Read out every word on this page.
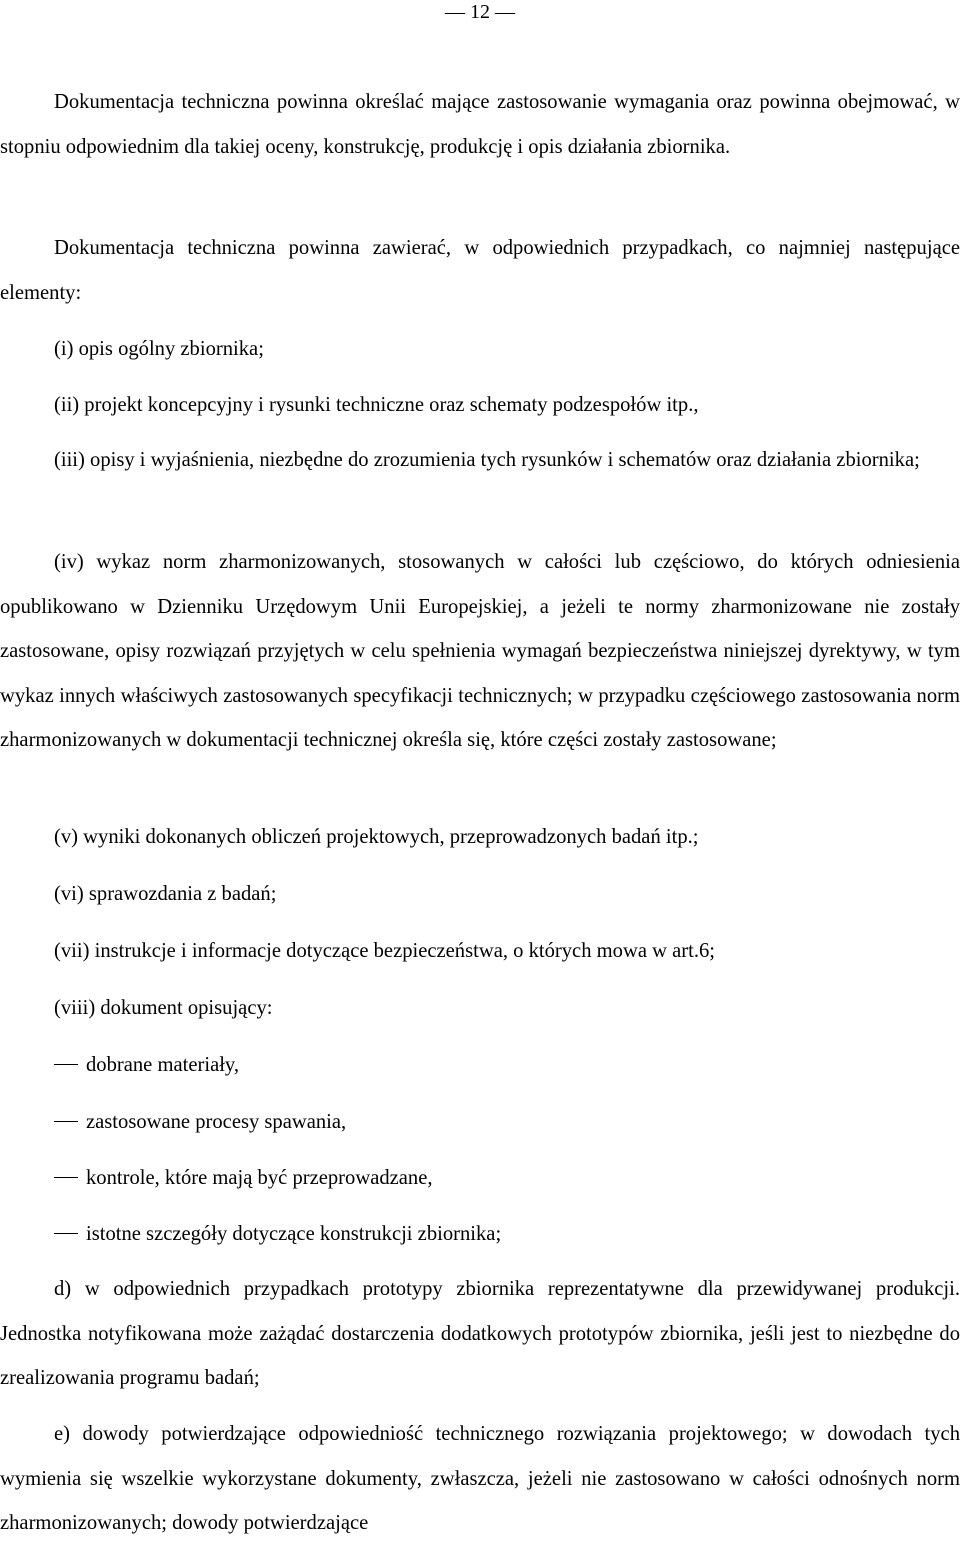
— 12 —

Dokumentacja techniczna powinna określać mające zastosowanie wymagania oraz powinna obejmować, w stopniu odpowiednim dla takiej oceny, konstrukcję, produkcję i opis działania zbiornika.

Dokumentacja techniczna powinna zawierać, w odpowiednich przypadkach, co najmniej następujące elementy:

(i) opis ogólny zbiornika;

(ii) projekt koncepcyjny i rysunki techniczne oraz schematy podzespołów itp.,

(iii) opisy i wyjaśnienia, niezbędne do zrozumienia tych rysunków i schematów oraz działania zbiornika;

(iv) wykaz norm zharmonizowanych, stosowanych w całości lub częściowo, do których odniesienia opublikowano w Dzienniku Urzędowym Unii Europejskiej, a jeżeli te normy zharmonizowane nie zostały zastosowane, opisy rozwiązań przyjętych w celu spełnienia wymagań bezpieczeństwa niniejszej dyrektywy, w tym wykaz innych właściwych zastosowanych specyfikacji technicznych; w przypadku częściowego zastosowania norm zharmonizowanych w dokumentacji technicznej określa się, które części zostały zastosowane;

(v) wyniki dokonanych obliczeń projektowych, przeprowadzonych badań itp.;

(vi) sprawozdania z badań;

(vii) instrukcje i informacje dotyczące bezpieczeństwa, o których mowa w art.6;

(viii) dokument opisujący:

dobrane materiały,

zastosowane procesy spawania,

kontrole, które mają być przeprowadzane,

istotne szczegóły dotyczące konstrukcji zbiornika;

d) w odpowiednich przypadkach prototypy zbiornika reprezentatywne dla przewidywanej produkcji. Jednostka notyfikowana może zażądać dostarczenia dodatkowych prototypów zbiornika, jeśli jest to niezbędne do zrealizowania programu badań;

e) dowody potwierdzające odpowiedniość technicznego rozwiązania projektowego; w dowodach tych wymienia się wszelkie wykorzystane dokumenty, zwłaszcza, jeżeli nie zastosowano w całości odnośnych norm zharmonizowanych; dowody potwierdzające
